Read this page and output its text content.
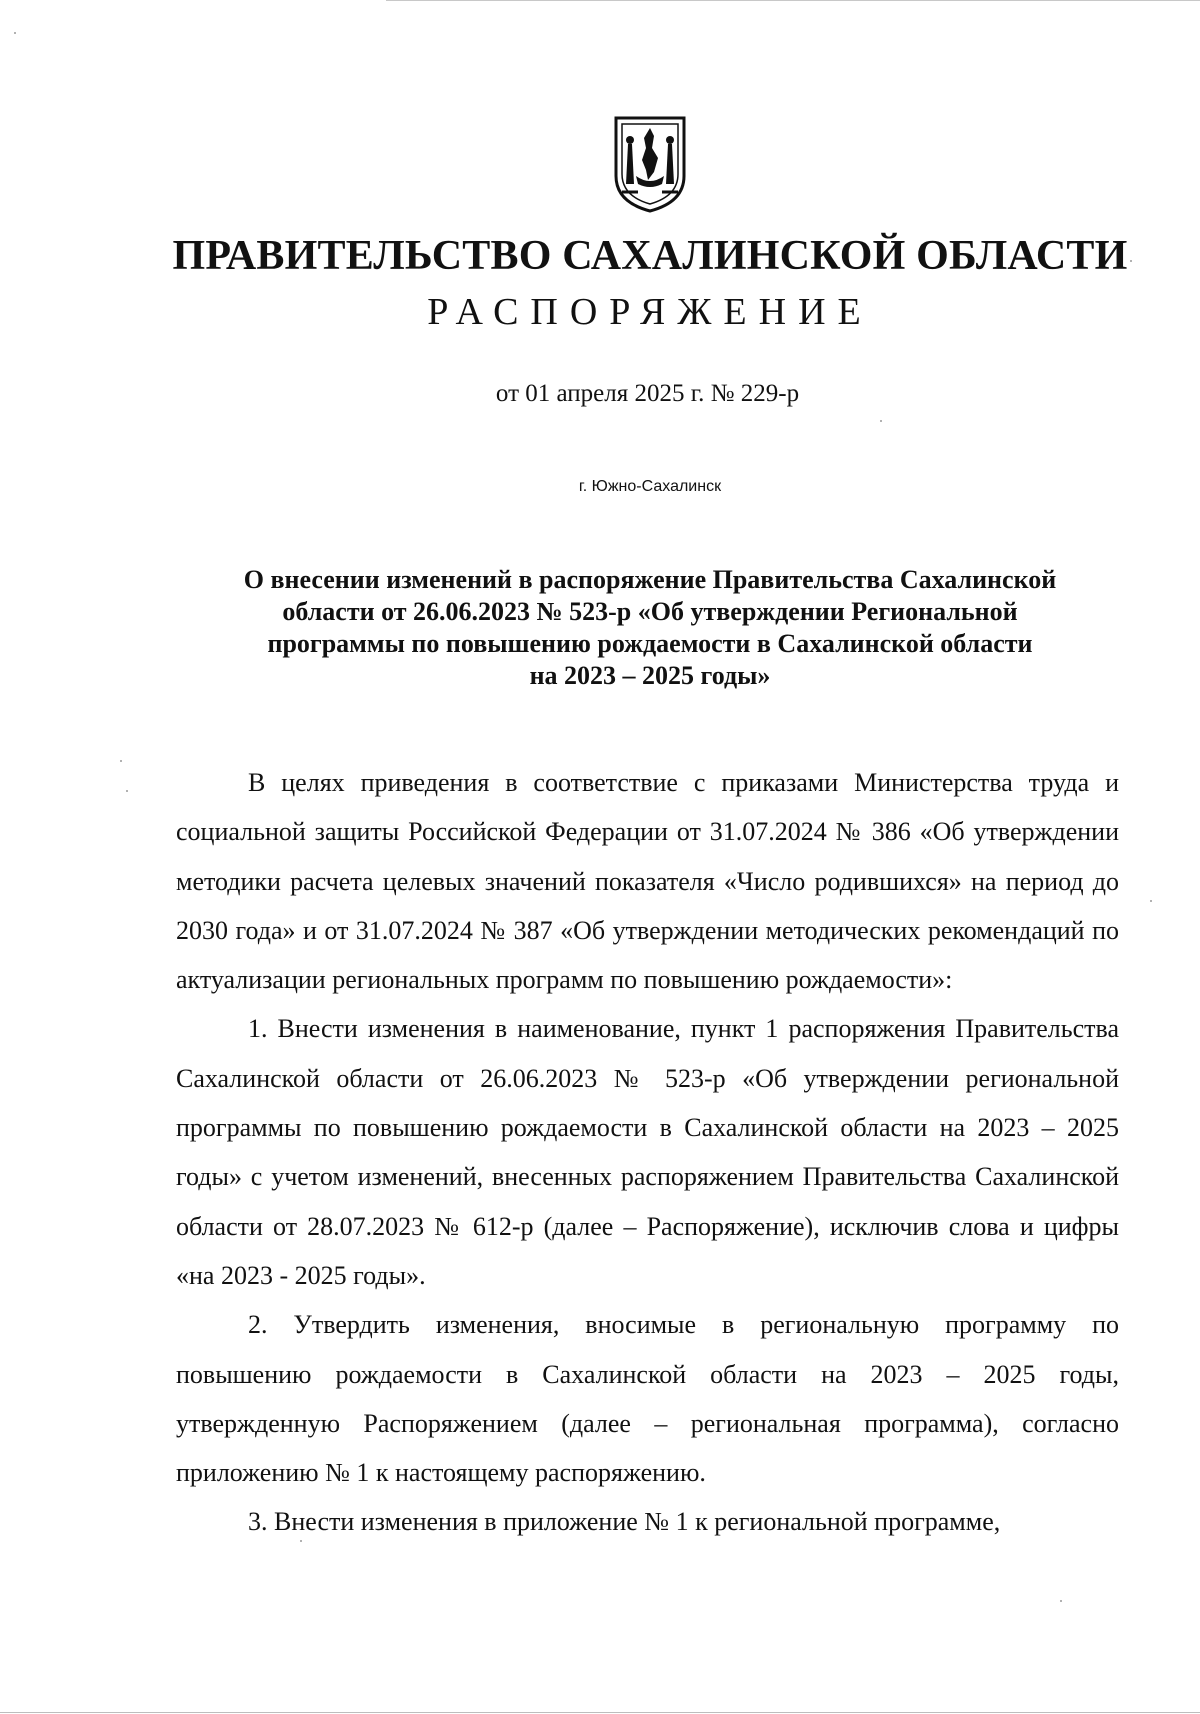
ПРАВИТЕЛЬСТВО САХАЛИНСКОЙ ОБЛАСТИ
РАСПОРЯЖЕНИЕ
от 01 апреля 2025 г. № 229-р
г. Южно-Сахалинск
О внесении изменений в распоряжение Правительства Сахалинской
области от 26.06.2023 № 523-р «Об утверждении Региональной
программы по повышению рождаемости в Сахалинской области
на 2023 – 2025 годы»

В целях приведения в соответствие с приказами Министерства труда и социальной защиты Российской Федерации от 31.07.2024 № 386 «Об утверждении методики расчета целевых значений показателя «Число родившихся» на период до 2030 года» и от 31.07.2024 № 387 «Об утверждении методических рекомендаций по актуализации региональных программ по повышению рождаемости»:

1. Внести изменения в наименование, пункт 1 распоряжения Правительства Сахалинской области от 26.06.2023 № 523-р «Об утверждении региональной программы по повышению рождаемости в Сахалинской области на 2023 – 2025 годы» с учетом изменений, внесенных распоряжением Правительства Сахалинской области от 28.07.2023 № 612-р (далее – Распоряжение), исключив слова и цифры «на 2023 - 2025 годы».

2. Утвердить изменения, вносимые в региональную программу по повышению рождаемости в Сахалинской области на 2023 – 2025 годы, утвержденную Распоряжением (далее – региональная программа), согласно приложению № 1 к настоящему распоряжению.

3. Внести изменения в приложение № 1 к региональной программе,
